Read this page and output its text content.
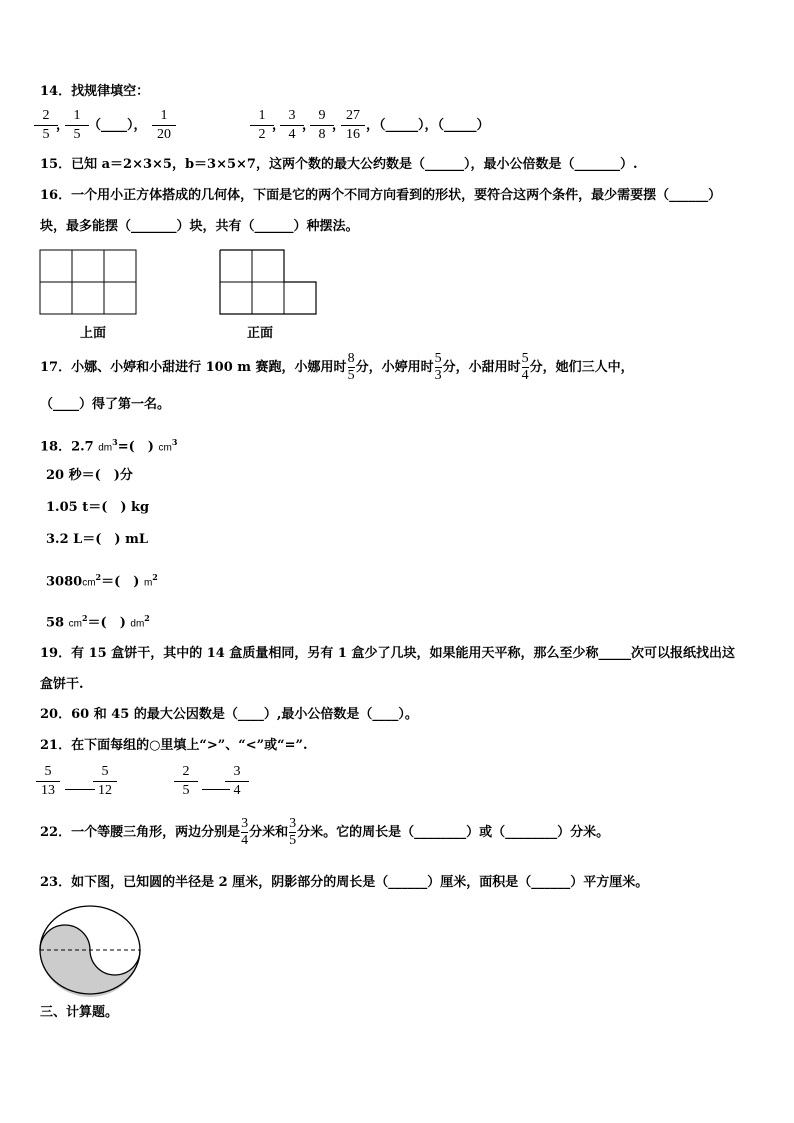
14．找规律填空：
2
5
，
1
5
（____），
1
20
1
2
，
3
4
，
9
8
，
27
16
，（_____），（_____）
15．已知 a＝2×3×5，b＝3×5×7，这两个数的最大公约数是（______），最小公倍数是（_______）.
16．一个用小正方体搭成的几何体，下面是它的两个不同方向看到的形状，要符合这两个条件，最少需要摆（______）
块，最多能摆（_______）块，共有（______）种摆法。
上面	正面
17．小娜、小婷和小甜进行 100 m 赛跑，小娜用时 $\frac{8}{5}$ 分，小婷用时 $\frac{5}{3}$ 分，小甜用时 $\frac{5}{4}$ 分，她们三人中，
（____）得了第一名。
18．2.7 $dm^3=$(　) $cm^3$
20 秒＝(　)分
1.05 t＝(　) kg
3.2 L＝(　) mL
$3080cm^2=$(　) $m^2$
58 $cm^2=$(　) $dm^2$
19．有 15 盒饼干，其中的 14 盒质量相同，另有 1 盒少了几块，如果能用天平称，那么至少称_____次可以报纸找出这
盒饼干.
20．60 和 45 的最大公因数是（____）,最小公倍数是（____）。
21．在下面每组的○里填上“>”、“<”或“=”.
5
13
5
12
2
5
3
4
22．一个等腰三角形，两边分别是 $\frac{3}{4}$ 分米和 $\frac{3}{5}$ 分米。它的周长是（________）或（________）分米。
23．如下图，已知圆的半径是 2 厘米，阴影部分的周长是（______）厘米，面积是（______）平方厘米。
三、计算题。
